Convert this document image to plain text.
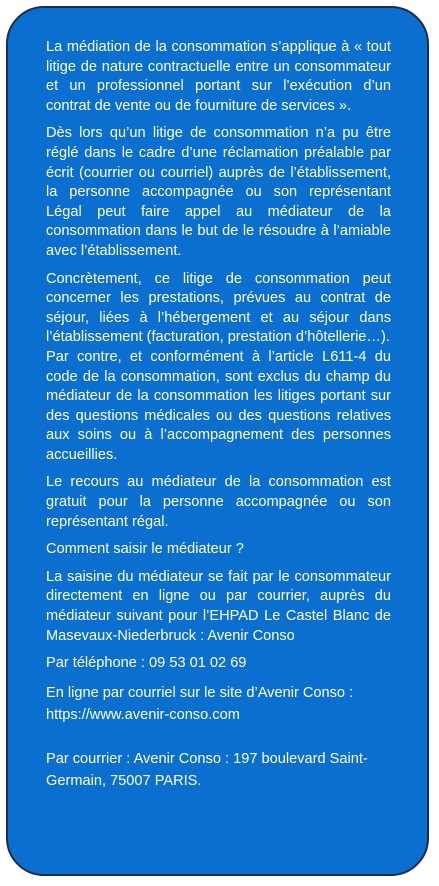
La médiation de la consommation s’applique à « tout litige de nature contractuelle entre un consommateur et un professionnel portant sur l’exécution d’un contrat de vente ou de fourniture de services ».

Dès lors qu’un litige de consommation n’a pu être réglé dans le cadre d’une réclamation préalable par écrit (courrier ou courriel) auprès de l’établissement, la personne accompagnée ou son représentant Légal peut faire appel au médiateur de la consommation dans le but de le résoudre à l’amiable avec l’établissement.

Concrètement, ce litige de consommation peut concerner les prestations, prévues au contrat de séjour, liées à l’hébergement et au séjour dans l’établissement (facturation, prestation d’hôtellerie…).

Par contre, et conformément à l’article L611-4 du code de la consommation, sont exclus du champ du médiateur de la consommation les litiges portant sur des questions médicales ou des questions relatives aux soins ou à l’accompagnement des personnes accueillies.

Le recours au médiateur de la consommation est gratuit pour la personne accompagnée ou son représentant régal.

Comment saisir le médiateur ?

La saisine du médiateur se fait par le consommateur directement en ligne ou par courrier, auprès du médiateur suivant pour l’EHPAD Le Castel Blanc de Masevaux-Niederbruck : Avenir Conso

Par téléphone : 09 53 01 02 69

En ligne par courriel sur le site d’Avenir Conso : https://www.avenir-conso.com

Par courrier : Avenir Conso : 197 boulevard Saint-Germain, 75007 PARIS.
